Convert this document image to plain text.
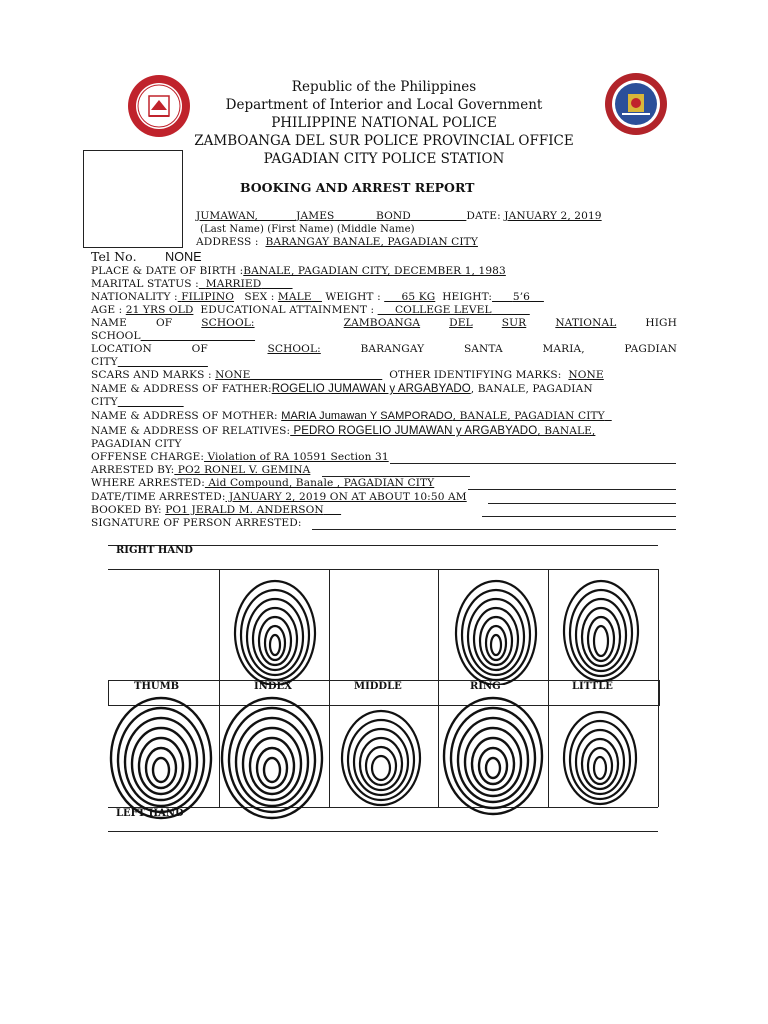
Republic of the Philippines
Department of Interior and Local Government
PHILIPPINE NATIONAL POLICE
ZAMBOANGA DEL SUR POLICE PROVINCIAL OFFICE
PAGADIAN CITY POLICE STATION
BOOKING AND ARREST REPORT
JUMAWAN,	JAMES	BOND	DATE: JANUARY 2, 2019
(Last Name) (First Name) (Middle Name)
ADDRESS : BARANGAY BANALE, PAGADIAN CITY
Tel No. NONE
PLACE & DATE OF BIRTH :BANALE, PAGADIAN CITY, DECEMBER 1, 1983
MARITAL STATUS : MARRIED
NATIONALITY : FILIPINO SEX : MALE WEIGHT : 65 KG HEIGHT: 5’6
AGE : 21 YRS OLD EDUCATIONAL ATTAINMENT : COLLEGE LEVEL
NAME	OF	SCHOOL:	ZAMBOANGA	DEL	SUR	NATIONAL	HIGH
SCHOOL
LOCATION	OF	SCHOOL:	BARANGAY	SANTA	MARIA,	PAGDIAN
CITY
SCARS AND MARKS : NONE	OTHER IDENTIFYING MARKS: NONE
NAME & ADDRESS OF FATHER:ROGELIO JUMAWAN y ARGABYADO, BANALE, PAGADIAN
CITY
NAME & ADDRESS OF MOTHER: MARIA Jumawan Y SAMPORADO, BANALE, PAGADIAN CITY
NAME & ADDRESS OF RELATIVES: PEDRO ROGELIO JUMAWAN y ARGABYADO, BANALE,
PAGADIAN CITY
OFFENSE CHARGE: Violation of RA 10591 Section 31
ARRESTED BY: PO2 RONEL V. GEMINA
WHERE ARRESTED: Aid Compound, Banale , PAGADIAN CITY
DATE/TIME ARRESTED: JANUARY 2, 2019 ON AT ABOUT 10:50 AM
BOOKED BY: PO1 JERALD M. ANDERSON
SIGNATURE OF PERSON ARRESTED:
RIGHT HAND
THUMB	INDEX	MIDDLE	RING	LITTLE
LEFT HAND
